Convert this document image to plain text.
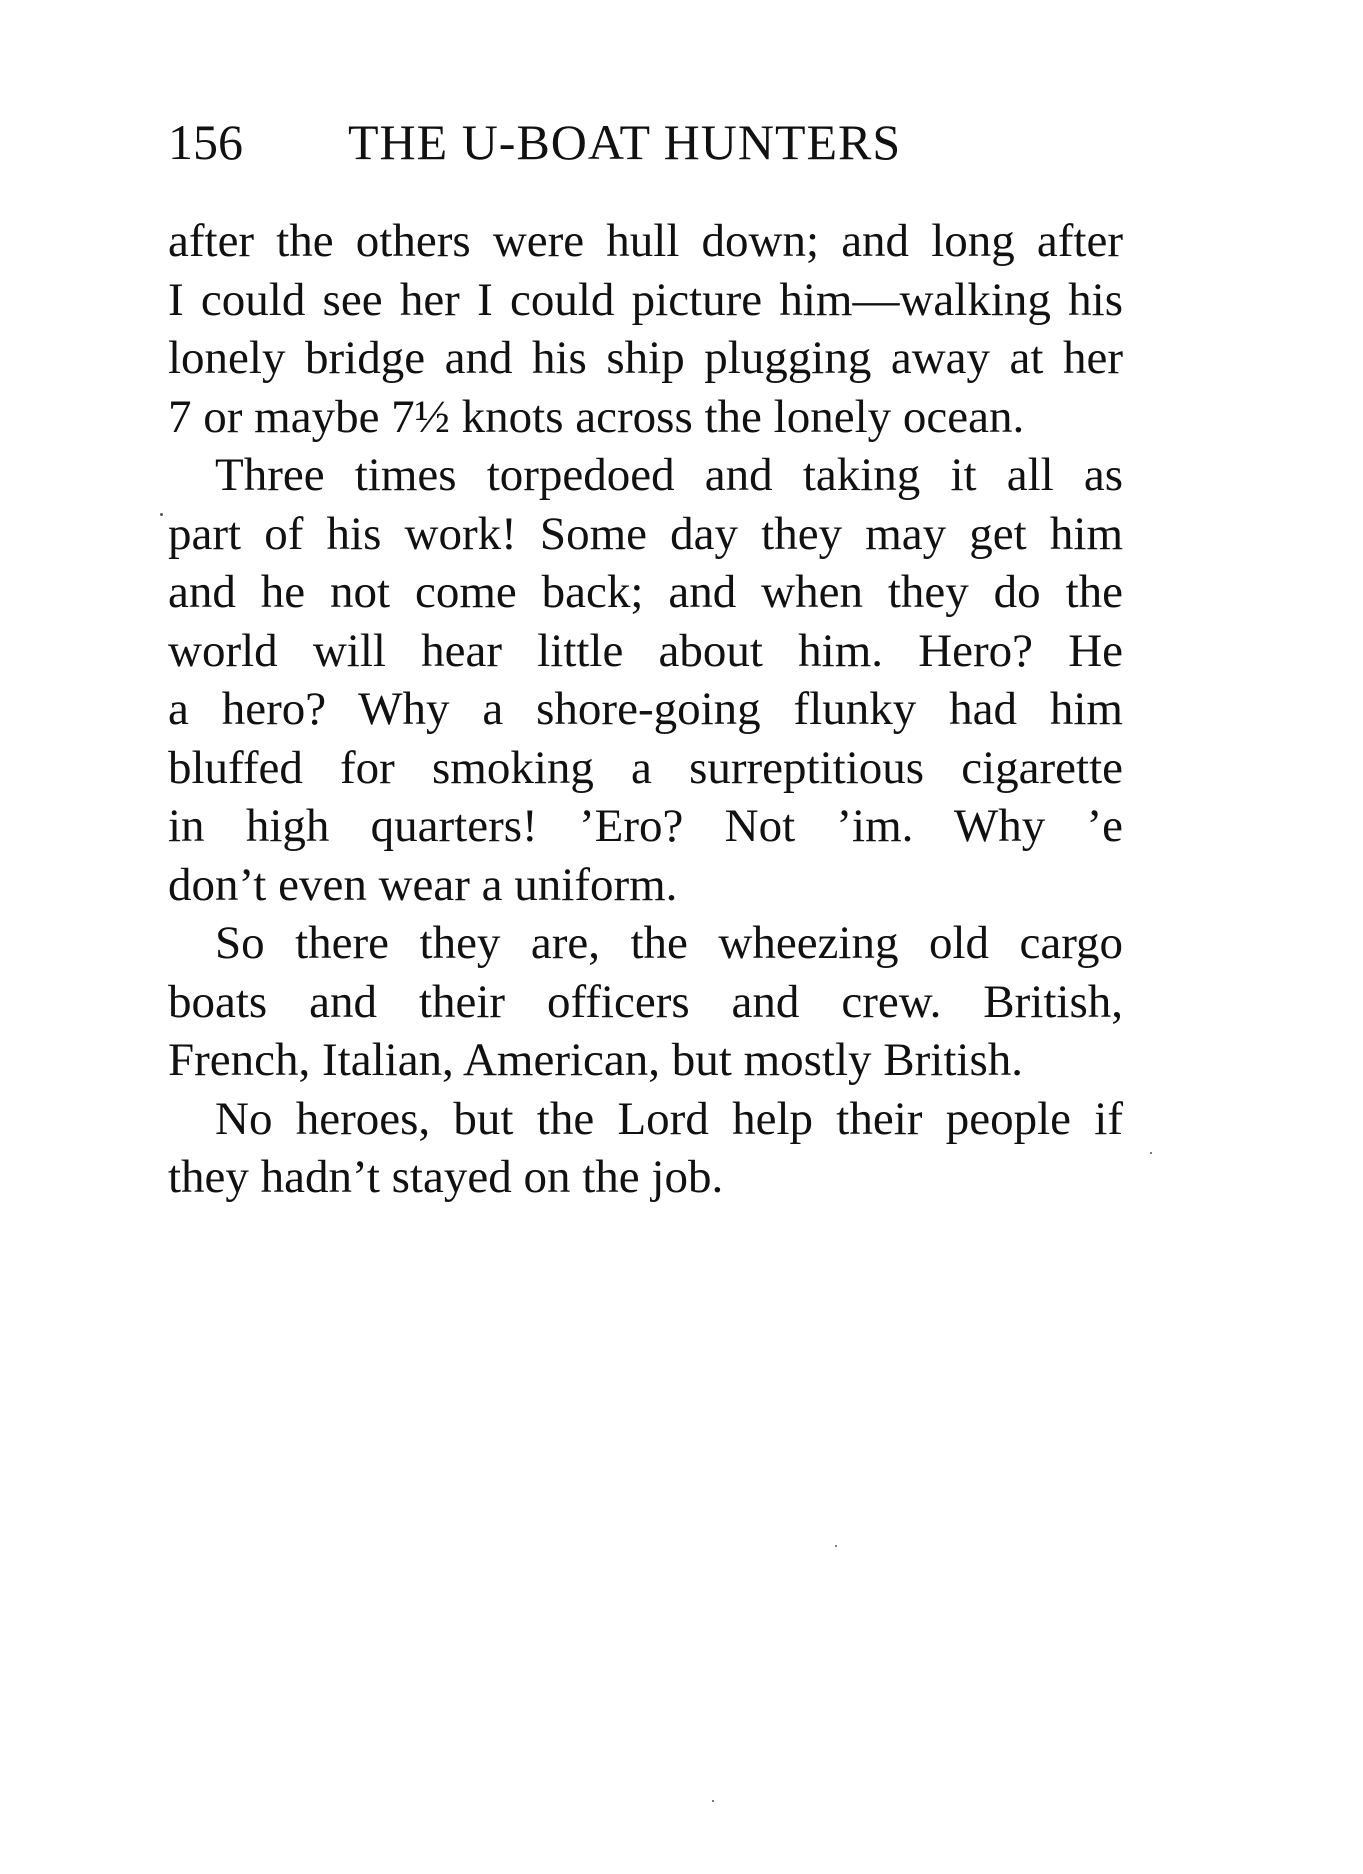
156 THE U-BOAT HUNTERS
after the others were hull down; and long after
I could see her I could picture him—walking his
lonely bridge and his ship plugging away at her
7 or maybe 7½ knots across the lonely ocean.
Three times torpedoed and taking it all as
part of his work! Some day they may get him
and he not come back; and when they do the
world will hear little about him. Hero? He
a hero? Why a shore-going flunky had him
bluffed for smoking a surreptitious cigarette
in high quarters! ’Ero? Not ’im. Why ’e
don’t even wear a uniform.
So there they are, the wheezing old cargo
boats and their officers and crew. British,
French, Italian, American, but mostly British.
No heroes, but the Lord help their people if
they hadn’t stayed on the job.
